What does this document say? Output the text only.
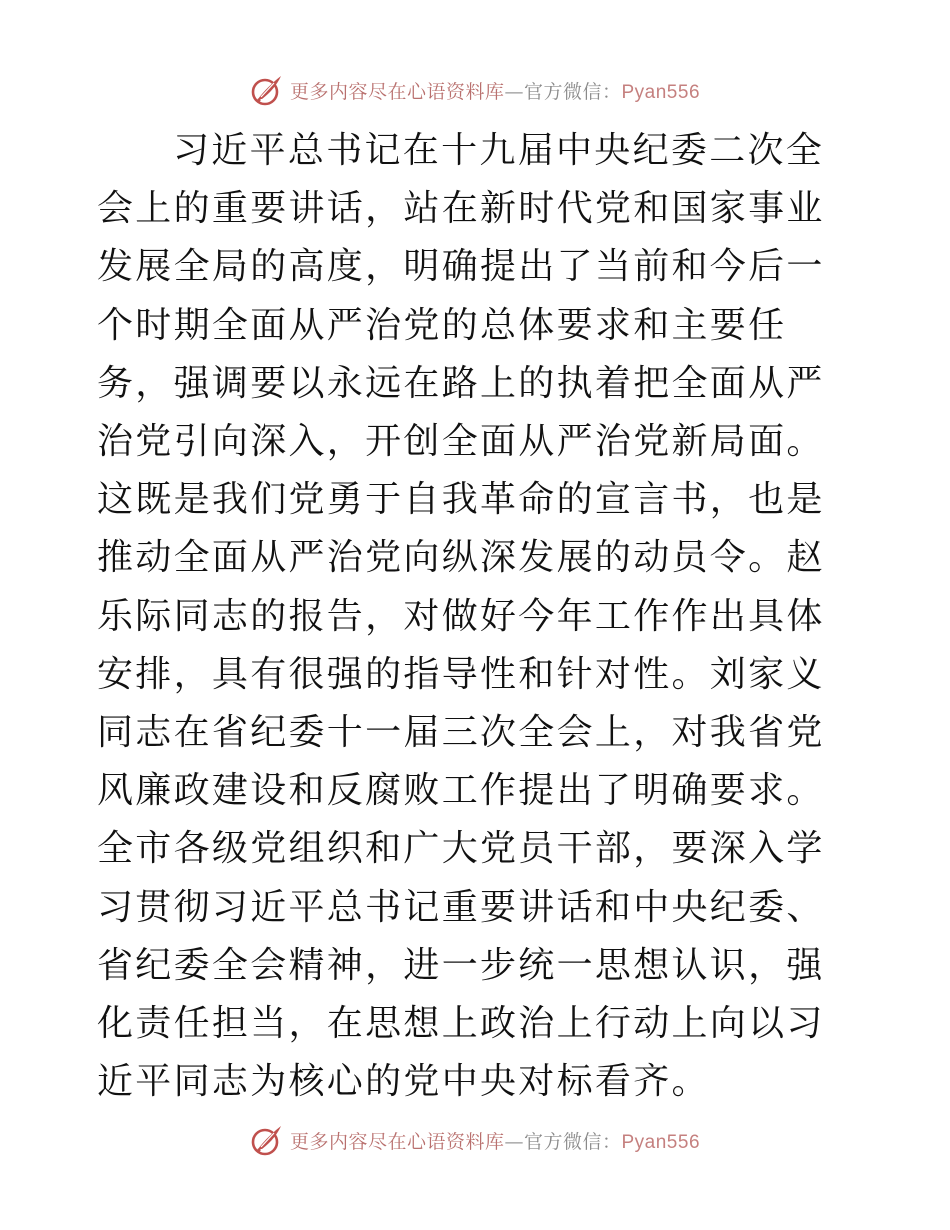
更多内容尽在心语资料库—官方微信：Pyan556

习近平总书记在十九届中央纪委二次全会上的重要讲话，站在新时代党和国家事业发展全局的高度，明确提出了当前和今后一个时期全面从严治党的总体要求和主要任务，强调要以永远在路上的执着把全面从严治党引向深入，开创全面从严治党新局面。这既是我们党勇于自我革命的宣言书，也是推动全面从严治党向纵深发展的动员令。赵乐际同志的报告，对做好今年工作作出具体安排，具有很强的指导性和针对性。刘家义同志在省纪委十一届三次全会上，对我省党风廉政建设和反腐败工作提出了明确要求。全市各级党组织和广大党员干部，要深入学习贯彻习近平总书记重要讲话和中央纪委、省纪委全会精神，进一步统一思想认识，强化责任担当，在思想上政治上行动上向以习近平同志为核心的党中央对标看齐。

更多内容尽在心语资料库—官方微信：Pyan556
